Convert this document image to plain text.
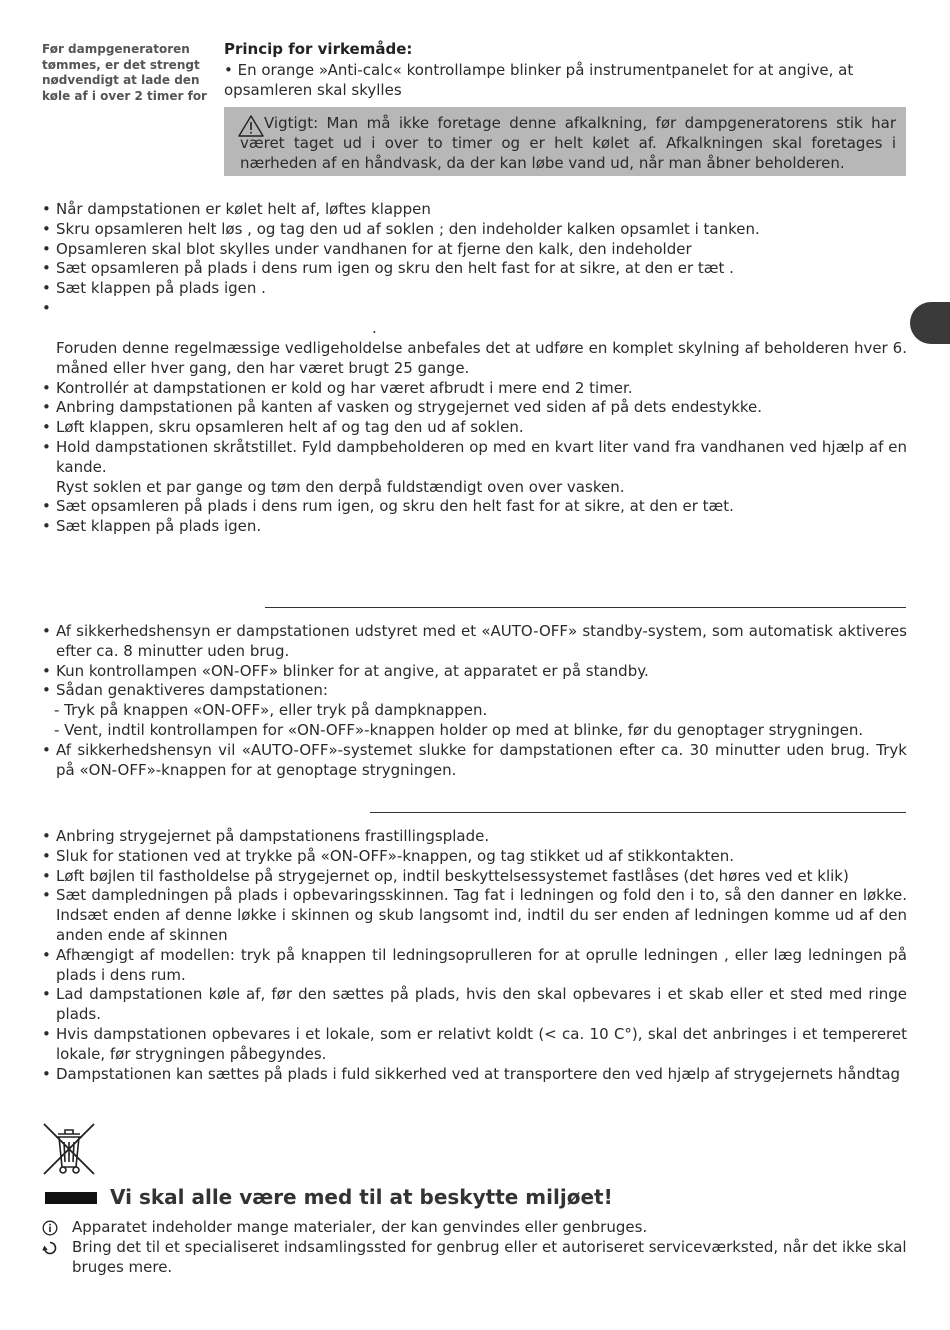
Før dampgeneratoren
tømmes, er det strengt
nødvendigt at lade den
køle af i over 2 timer for
Princip for virkemåde:
• En orange »Anti-calc« kontrollampe blinker på instrumentpanelet for at angive, at opsamleren skal skylles
Vigtigt: Man må ikke foretage denne afkalkning, før dampgeneratorens stik har været taget ud i over to timer og er helt kølet af. Afkalkningen skal foretages i nærheden af en håndvask, da der kan løbe vand ud, når man åbner beholderen.
• Når dampstationen er kølet helt af, løftes klappen
• Skru opsamleren helt løs , og tag den ud af soklen ; den indeholder kalken opsamlet i tanken.
• Opsamleren skal blot skylles under vandhanen for at fjerne den kalk, den indeholder
• Sæt opsamleren på plads i dens rum igen og skru den helt fast for at sikre, at den er tæt .
• Sæt klappen på plads igen .
•
.
Foruden denne regelmæssige vedligeholdelse anbefales det at udføre en komplet skylning af beholderen hver 6. måned eller hver gang, den har været brugt 25 gange.
• Kontrollér at dampstationen er kold og har været afbrudt i mere end 2 timer.
• Anbring dampstationen på kanten af vasken og strygejernet ved siden af på dets endestykke.
• Løft klappen, skru opsamleren helt af og tag den ud af soklen.
• Hold dampstationen skråtstillet. Fyld dampbeholderen op med en kvart liter vand fra vandhanen ved hjælp af en kande.
Ryst soklen et par gange og tøm den derpå fuldstændigt oven over vasken.
• Sæt opsamleren på plads i dens rum igen, og skru den helt fast for at sikre, at den er tæt.
• Sæt klappen på plads igen.
• Af sikkerhedshensyn er dampstationen udstyret med et «AUTO-OFF» standby-system, som automatisk aktiveres efter ca. 8 minutter uden brug.
• Kun kontrollampen «ON-OFF» blinker for at angive, at apparatet er på standby.
• Sådan genaktiveres dampstationen:
- Tryk på knappen «ON-OFF», eller tryk på dampknappen.
- Vent, indtil kontrollampen for «ON-OFF»-knappen holder op med at blinke, før du genoptager strygningen.
• Af sikkerhedshensyn vil «AUTO-OFF»-systemet slukke for dampstationen efter ca. 30 minutter uden brug. Tryk på «ON-OFF»-knappen for at genoptage strygningen.
• Anbring strygejernet på dampstationens frastillingsplade.
• Sluk for stationen ved at trykke på «ON-OFF»-knappen, og tag stikket ud af stikkontakten.
• Løft bøjlen til fastholdelse på strygejernet op, indtil beskyttelsessystemet fastlåses (det høres ved et klik)
• Sæt dampledningen på plads i opbevaringsskinnen. Tag fat i ledningen og fold den i to, så den danner en løkke. Indsæt enden af denne løkke i skinnen og skub langsomt ind, indtil du ser enden af ledningen komme ud af den anden ende af skinnen
• Afhængigt af modellen: tryk på knappen til ledningsoprulleren for at oprulle ledningen , eller læg ledningen på plads i dens rum.
• Lad dampstationen køle af, før den sættes på plads, hvis den skal opbevares i et skab eller et sted med ringe plads.
• Hvis dampstationen opbevares i et lokale, som er relativt koldt (< ca. 10 C°), skal det anbringes i et tempereret lokale, før strygningen påbegyndes.
• Dampstationen kan sættes på plads i fuld sikkerhed ved at transportere den ved hjælp af strygejernets håndtag
Vi skal alle være med til at beskytte miljøet!
Apparatet indeholder mange materialer, der kan genvindes eller genbruges.
Bring det til et specialiseret indsamlingssted for genbrug eller et autoriseret serviceværksted, når det ikke skal bruges mere.
